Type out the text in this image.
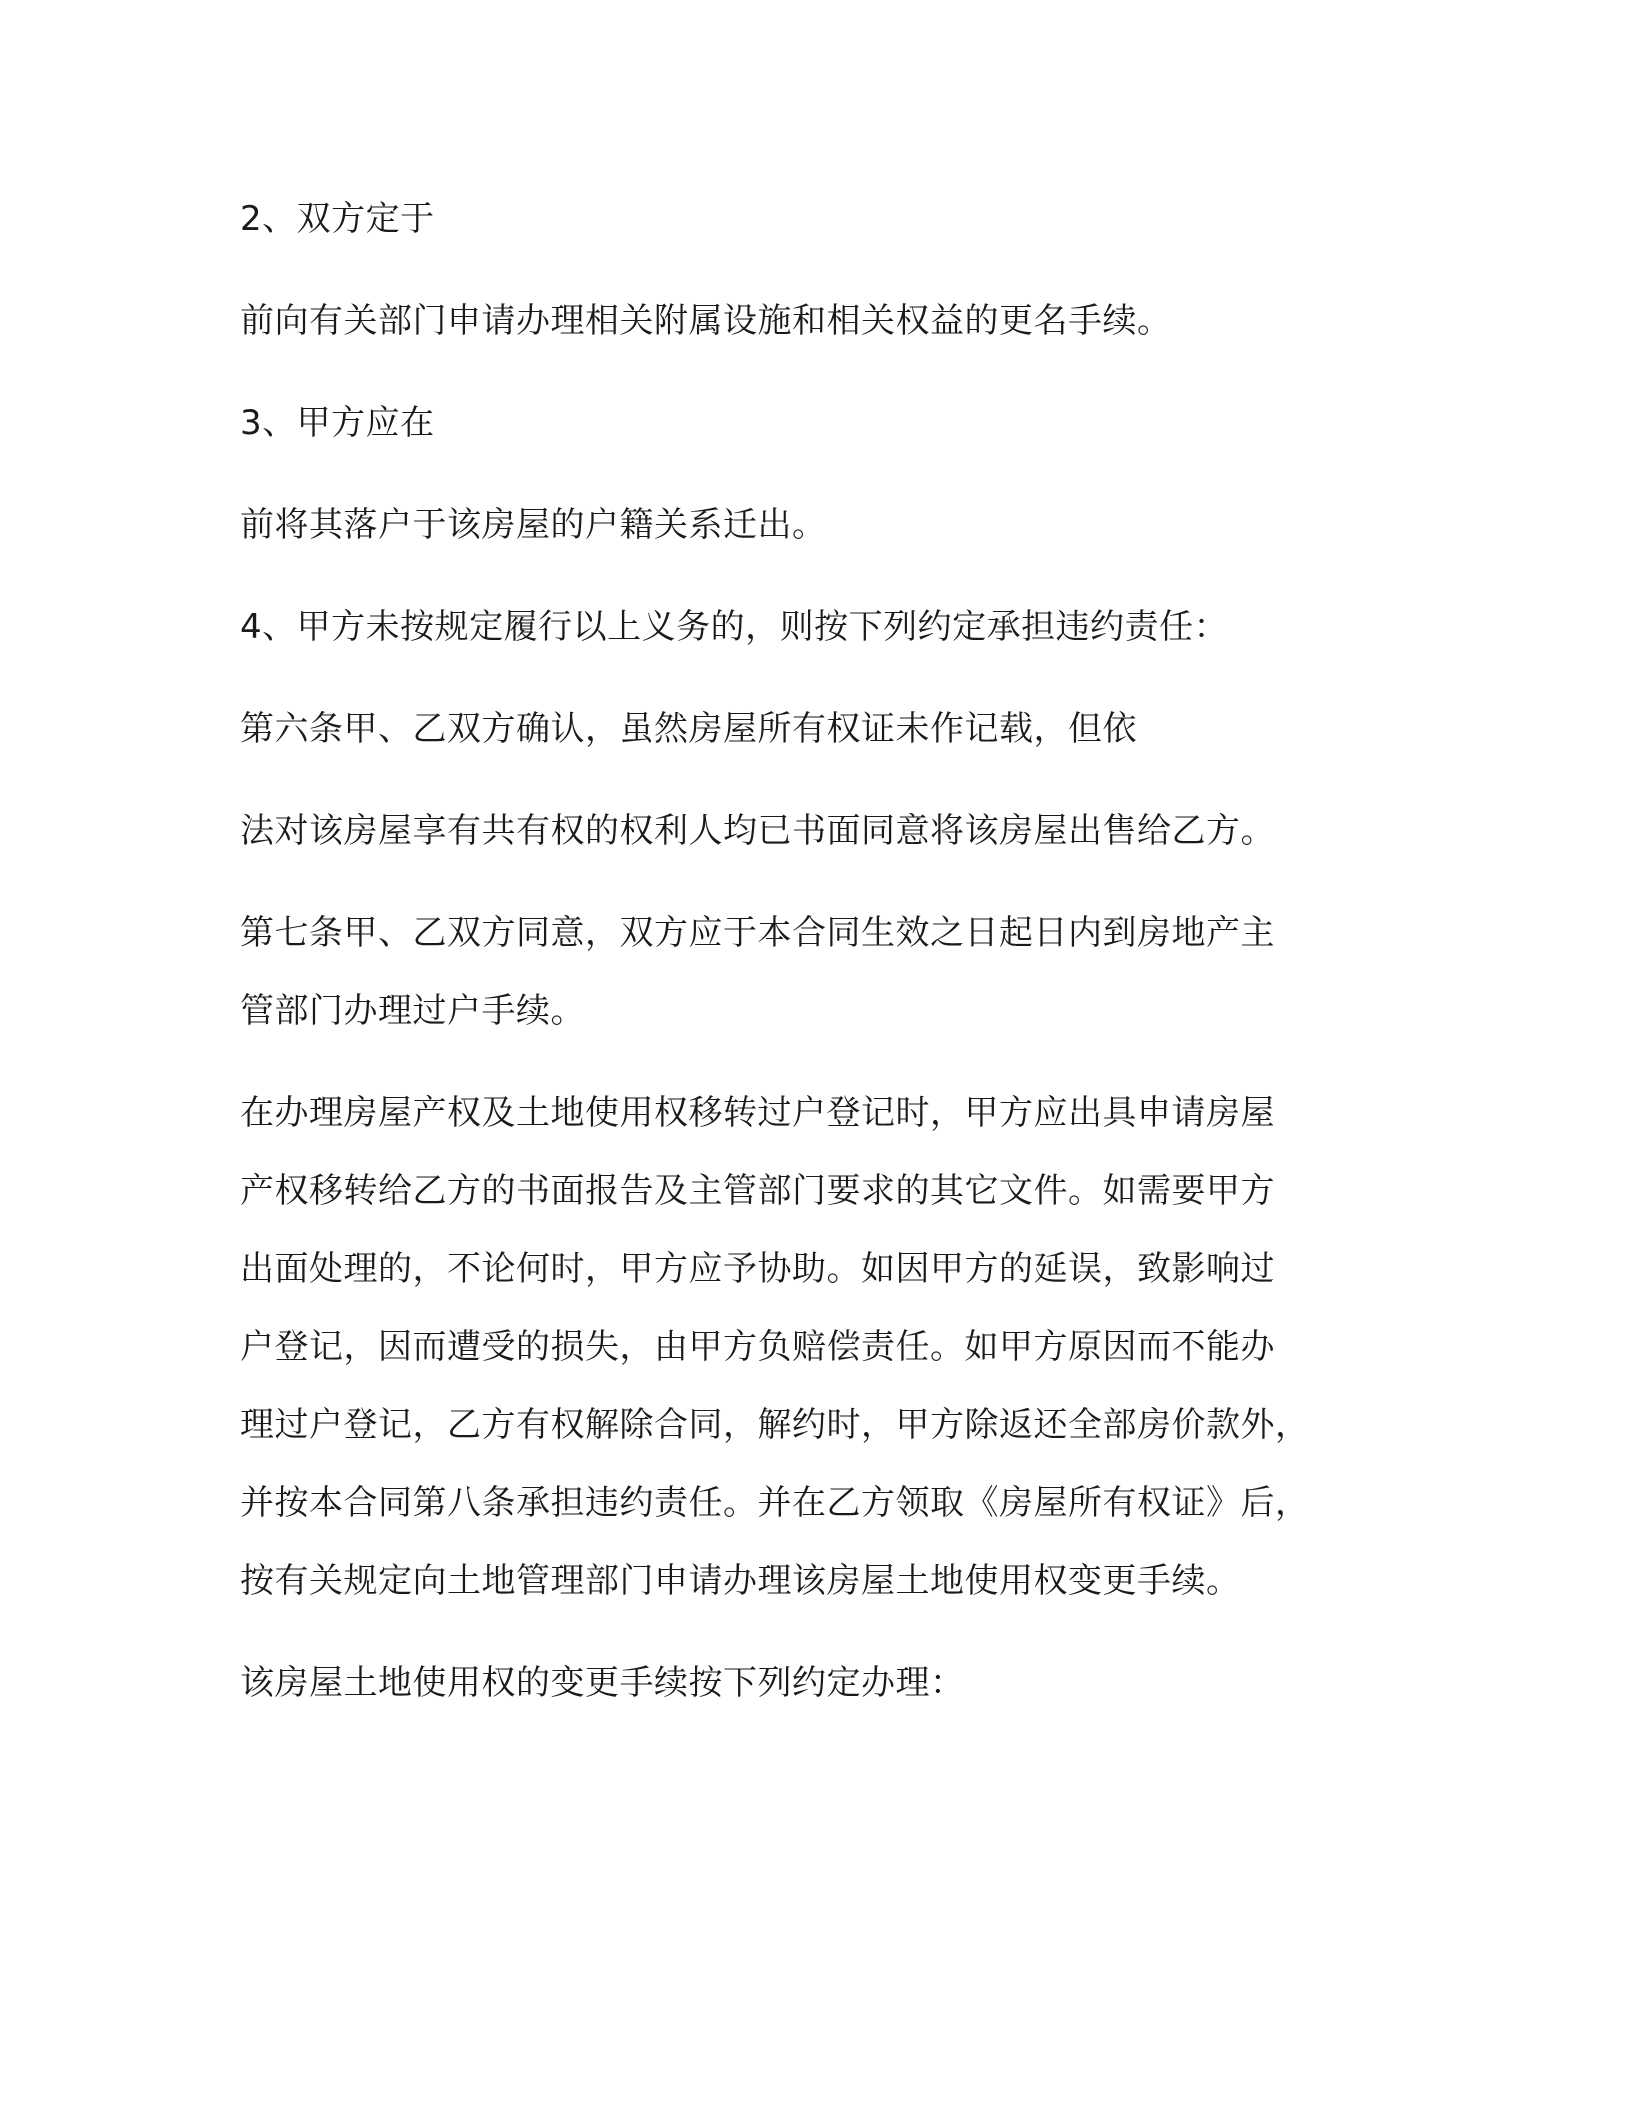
2、双方定于
前向有关部门申请办理相关附属设施和相关权益的更名手续。
3、甲方应在
前将其落户于该房屋的户籍关系迁出。
4、甲方未按规定履行以上义务的，则按下列约定承担违约责任：
第六条甲、乙双方确认，虽然房屋所有权证未作记载，但依
法对该房屋享有共有权的权利人均已书面同意将该房屋出售给乙方。
第七条甲、乙双方同意，双方应于本合同生效之日起日内到房地产主
管部门办理过户手续。
在办理房屋产权及土地使用权移转过户登记时，甲方应出具申请房屋
产权移转给乙方的书面报告及主管部门要求的其它文件。如需要甲方
出面处理的，不论何时，甲方应予协助。如因甲方的延误，致影响过
户登记，因而遭受的损失，由甲方负赔偿责任。如甲方原因而不能办
理过户登记，乙方有权解除合同，解约时，甲方除返还全部房价款外，
并按本合同第八条承担违约责任。并在乙方领取《房屋所有权证》后，
按有关规定向土地管理部门申请办理该房屋土地使用权变更手续。
该房屋土地使用权的变更手续按下列约定办理：
